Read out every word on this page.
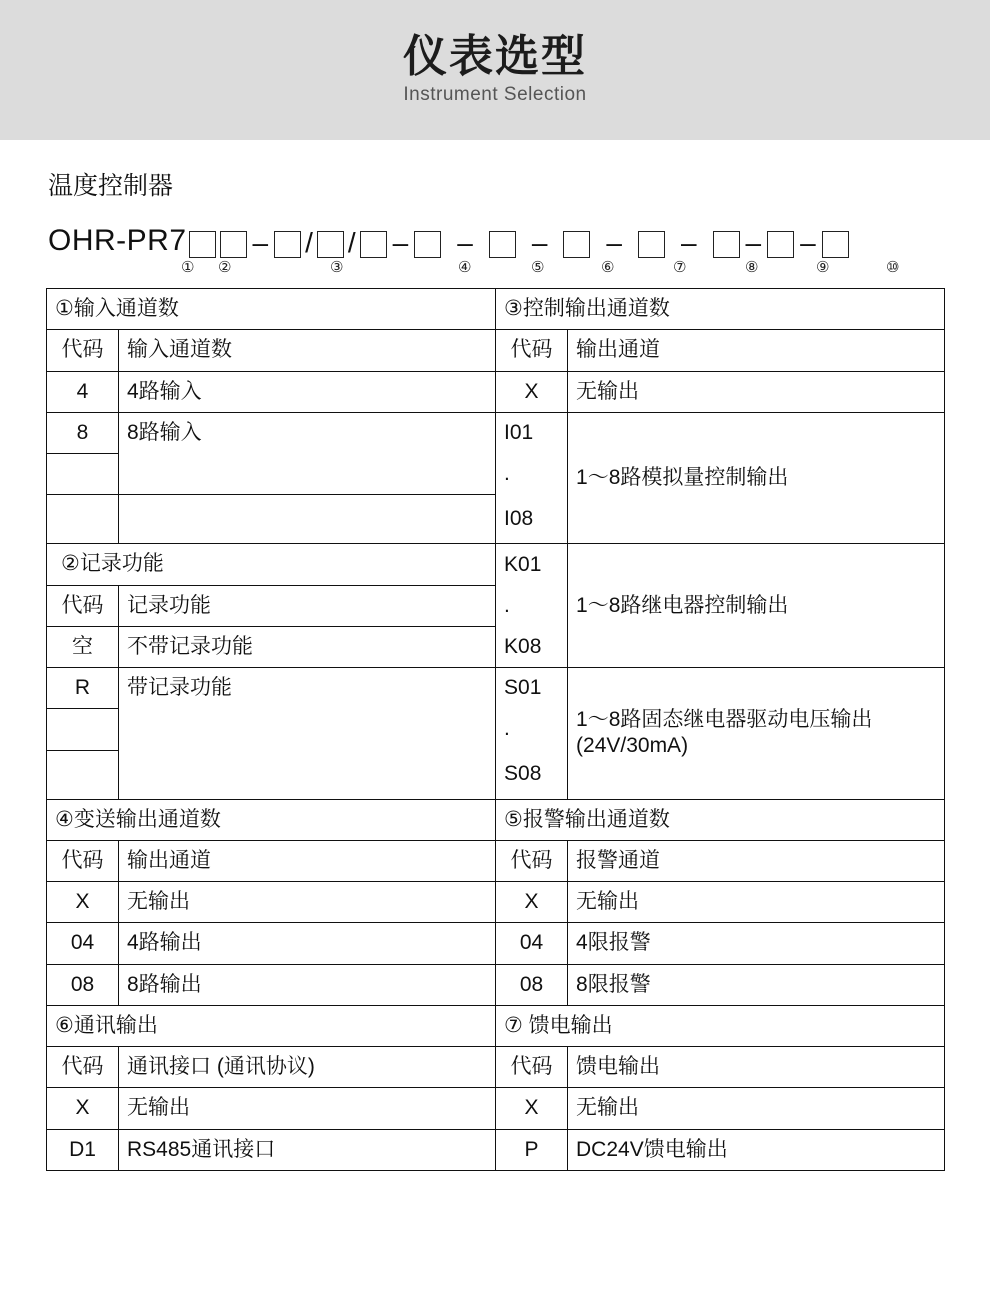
仪表选型
Instrument Selection
温度控制器
OHR-PR7 – / / – – – – – – –
① ②	③	④	⑤	⑥	⑦	⑧	⑨	⑩
①输入通道数		③控制输出通道数	
代码	输入通道数	代码	输出通道
4	4路输入	X	无输出
8	8路输入	I01	1～8路模拟量控制输出
		.	
		I08	
②记录功能		K01	1～8路继电器控制输出
代码	记录功能	.	
空	不带记录功能	K08	
R	带记录功能	S01	1～8路固态继电器驱动电压输出
(24V/30mA)

		.	
		S08	
④变送输出通道数		⑤报警输出通道数	
代码	输出通道	代码	报警通道
X	无输出	X	无输出
04	4路输出	04	4限报警
08	8路输出	08	8限报警
⑥通讯输出		⑦ 馈电输出	
代码	通讯接口 (通讯协议)	代码	馈电输出
X	无输出	X	无输出
D1	RS485通讯接口	P	DC24V馈电输出
